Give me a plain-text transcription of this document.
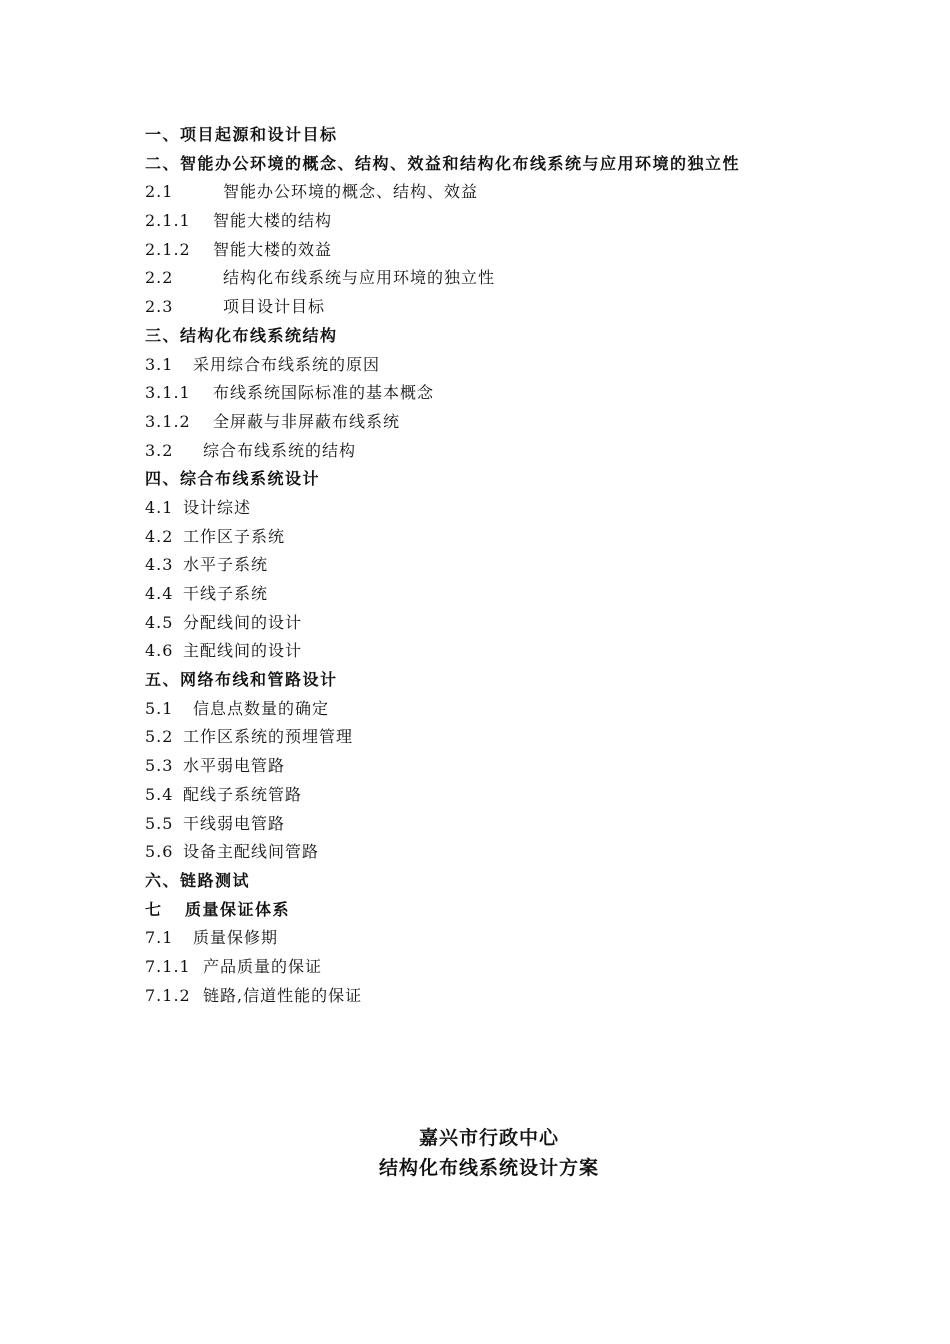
一、项目起源和设计目标
二、智能办公环境的概念、结构、效益和结构化布线系统与应用环境的独立性
2.1	智能办公环境的概念、结构、效益
2.1.1	智能大楼的结构
2.1.2	智能大楼的效益
2.2	结构化布线系统与应用环境的独立性
2.3	项目设计目标
三、结构化布线系统结构
3.1	采用综合布线系统的原因
3.1.1	布线系统国际标准的基本概念
3.1.2	全屏蔽与非屏蔽布线系统
3.2	综合布线系统的结构
四、综合布线系统设计
4.1 设计综述
4.2 工作区子系统
4.3 水平子系统
4.4 干线子系统
4.5 分配线间的设计
4.6 主配线间的设计
五、网络布线和管路设计
5.1	信息点数量的确定
5.2 工作区系统的预埋管理
5.3 水平弱电管路
5.4 配线子系统管路
5.5 干线弱电管路
5.6 设备主配线间管路
六、链路测试
七	质量保证体系
7.1	质量保修期
7.1.1 产品质量的保证
7.1.2 链路,信道性能的保证
嘉兴市行政中心
结构化布线系统设计方案
